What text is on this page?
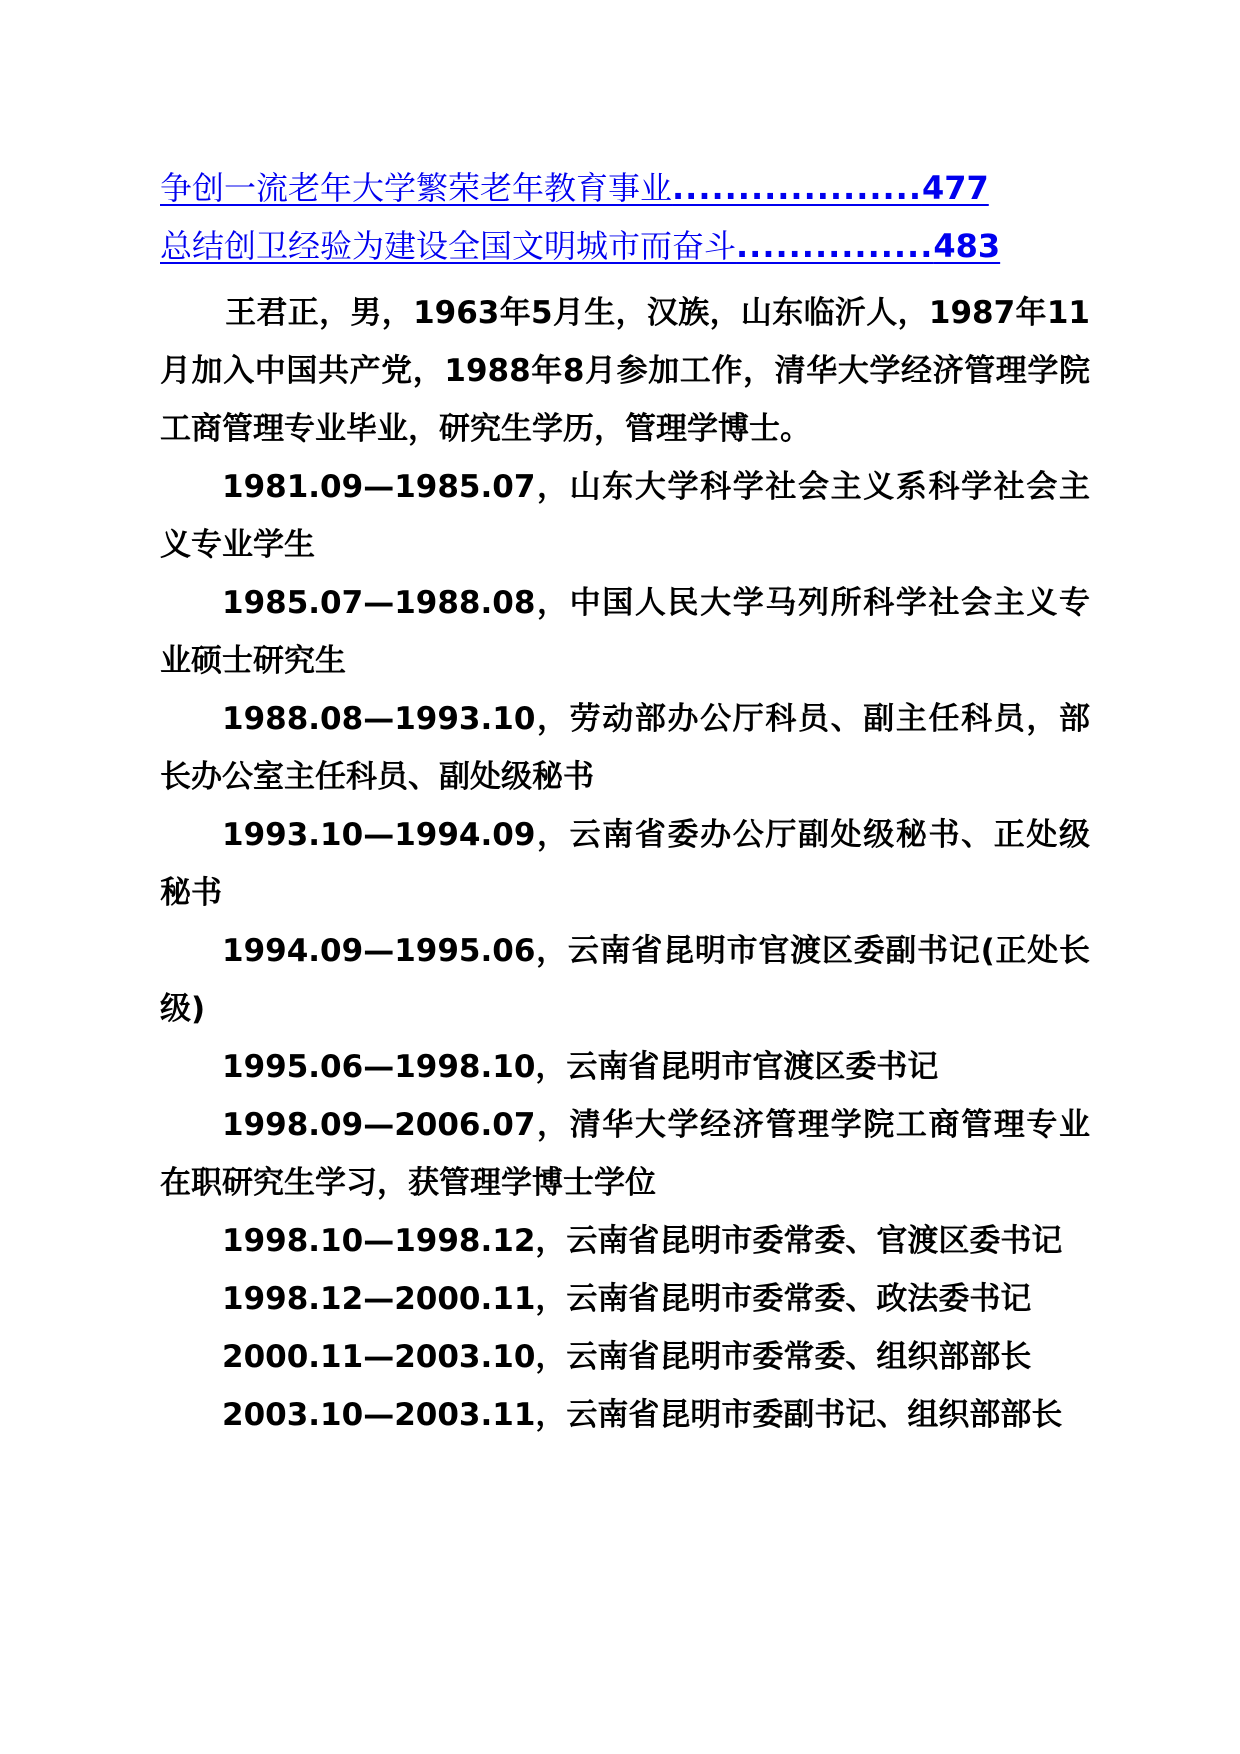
争创一流老年大学繁荣老年教育事业...................477
总结创卫经验为建设全国文明城市而奋斗...............483

王君正，男，1963年5月生，汉族，山东临沂人，1987年11月加入中国共产党，1988年8月参加工作，清华大学经济管理学院工商管理专业毕业，研究生学历，管理学博士。

1981.09—1985.07，山东大学科学社会主义系科学社会主义专业学生

1985.07—1988.08，中国人民大学马列所科学社会主义专业硕士研究生

1988.08—1993.10，劳动部办公厅科员、副主任科员，部长办公室主任科员、副处级秘书

1993.10—1994.09，云南省委办公厅副处级秘书、正处级秘书

1994.09—1995.06，云南省昆明市官渡区委副书记(正处长级)

1995.06—1998.10，云南省昆明市官渡区委书记

1998.09—2006.07，清华大学经济管理学院工商管理专业在职研究生学习，获管理学博士学位

1998.10—1998.12，云南省昆明市委常委、官渡区委书记

1998.12—2000.11，云南省昆明市委常委、政法委书记

2000.11—2003.10，云南省昆明市委常委、组织部部长

2003.10—2003.11，云南省昆明市委副书记、组织部部长
